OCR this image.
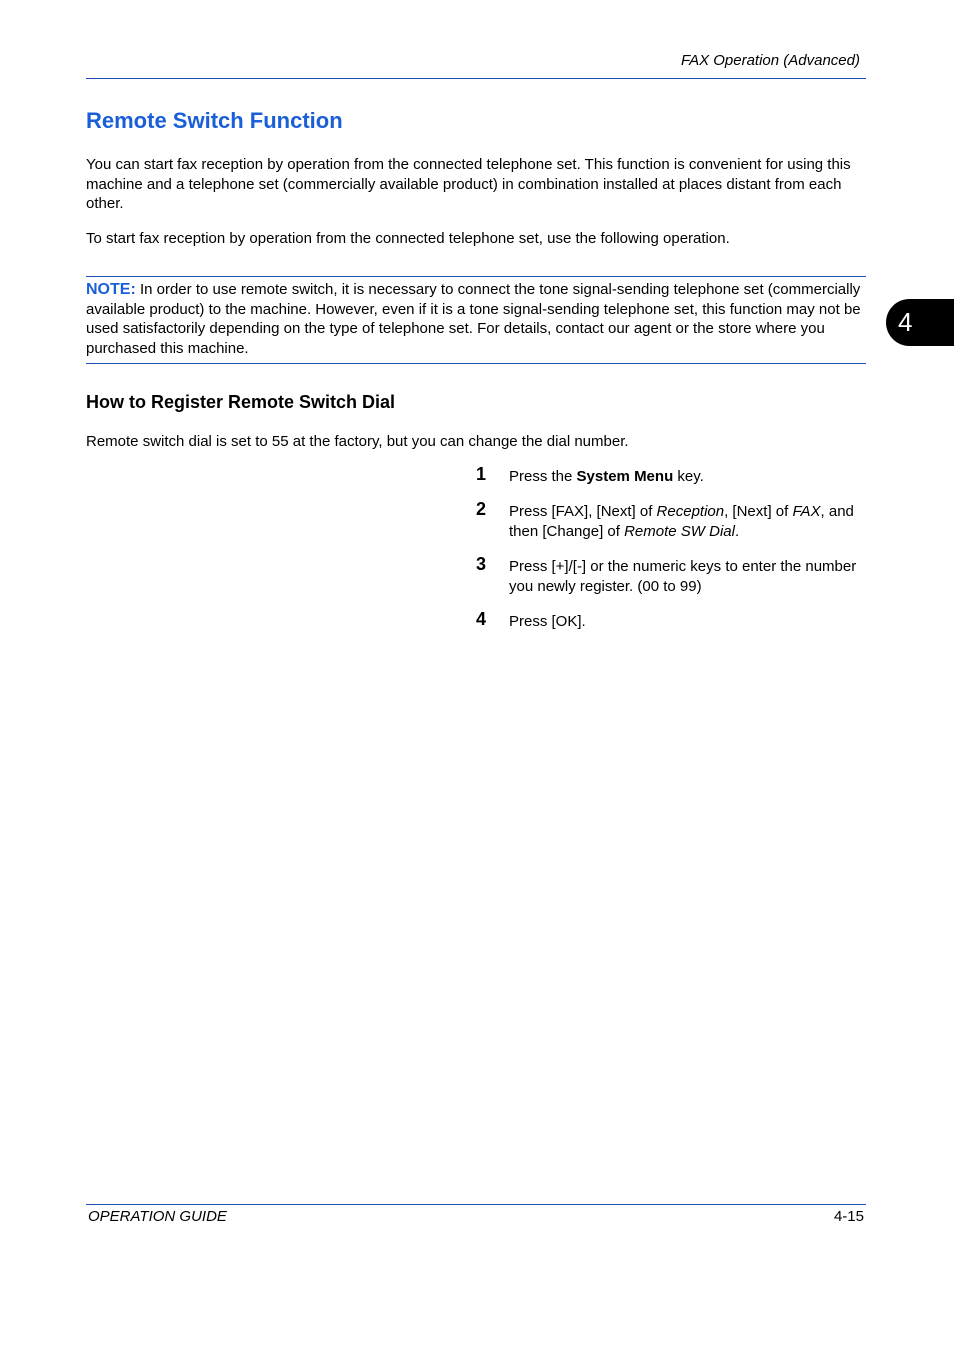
FAX Operation (Advanced)
Remote Switch Function

You can start fax reception by operation from the connected telephone set. This function is convenient for using this machine and a telephone set (commercially available product) in combination installed at places distant from each other.

To start fax reception by operation from the connected telephone set, use the following operation.

NOTE: In order to use remote switch, it is necessary to connect the tone signal-sending telephone set (commercially available product) to the machine. However, even if it is a tone signal-sending telephone set, this function may not be used satisfactorily depending on the type of telephone set. For details, contact our agent or the store where you purchased this machine.

How to Register Remote Switch Dial

Remote switch dial is set to 55 at the factory, but you can change the dial number.

1 Press the System Menu key.
2 Press [FAX], [Next] of Reception, [Next] of FAX, and then [Change] of Remote SW Dial.
3 Press [+]/[-] or the numeric keys to enter the number you newly register. (00 to 99)
4 Press [OK].
4
OPERATION GUIDE	4-15
